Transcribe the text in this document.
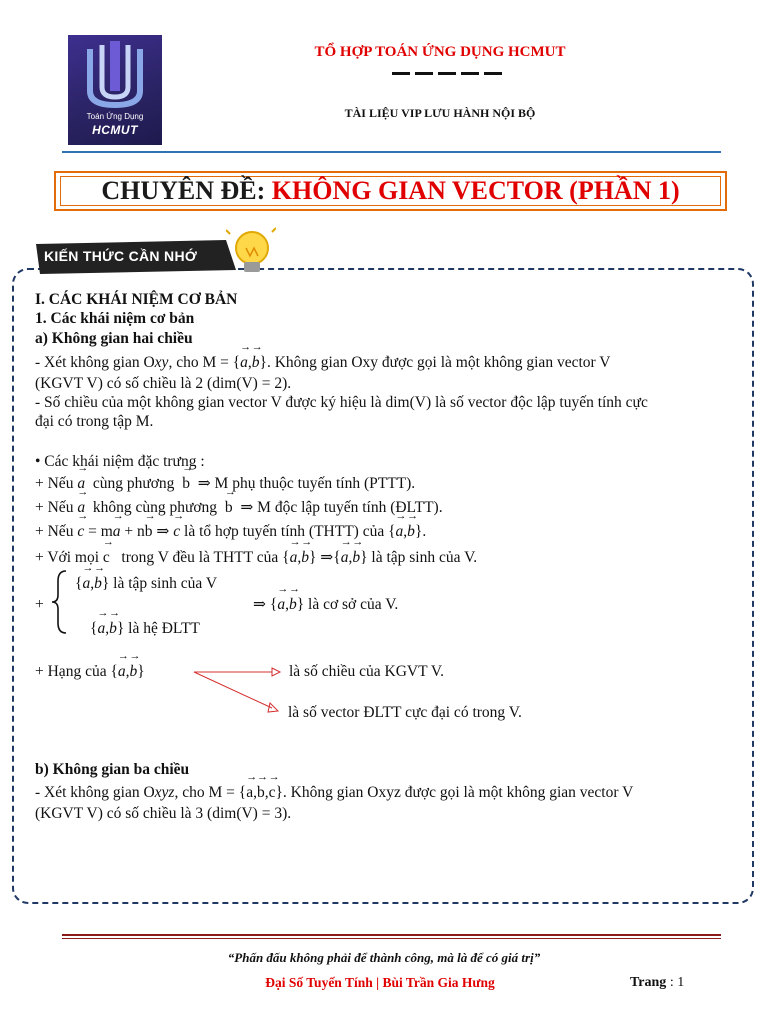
Toán Ứng Dụng
HCMUT
TỔ HỢP TOÁN ỨNG DỤNG HCMUT
TÀI LIỆU VIP LƯU HÀNH NỘI BỘ
CHUYÊN ĐỀ: KHÔNG GIAN VECTOR (PHẦN 1)
KIẾN THỨC CẦN NHỚ
I. CÁC KHÁI NIỆM CƠ BẢN
1. Các khái niệm cơ bản
a) Không gian hai chiều
- Xét không gian Oxy, cho M = {→ a,→ b}. Không gian Oxy được gọi là một không gian vector V
(KGVT V) có số chiều là 2 (dim(V) = 2).
- Số chiều của một không gian vector V được ký hiệu là dim(V) là số vector độc lập tuyến tính cực
đại có trong tập M.
• Các khái niệm đặc trưng :
+ Nếu → a cùng phương → b ⇒ M phụ thuộc tuyến tính (PTTT).
+ Nếu → a không cùng phương → b ⇒ M độc lập tuyến tính (ĐLTT).
+ Nếu → c = m→ a + n→ b ⇒ → c là tổ hợp tuyến tính (THTT) của {→ a,→ b}.
+ Với mọi → c trong V đều là THTT của {→ a,→ b} ⇒{→ a,→ b} là tập sinh của V.
+
{→ a,→ b} là tập sinh của V
⇒ {→ a,→ b} là cơ sở của V.
{→ a,→ b} là hệ ĐLTT
+ Hạng của {→ a,→ b}	là số chiều của KGVT V.
là số vector ĐLTT cực đại có trong V.
b) Không gian ba chiều
- Xét không gian Oxyz, cho M = {→ a,→ b,→ c}. Không gian Oxyz được gọi là một không gian vector V
(KGVT V) có số chiều là 3 (dim(V) = 3).
“Phấn đấu không phải để thành công, mà là để có giá trị”
Đại Số Tuyến Tính | Bùi Trần Gia Hưng	Trang : 1
